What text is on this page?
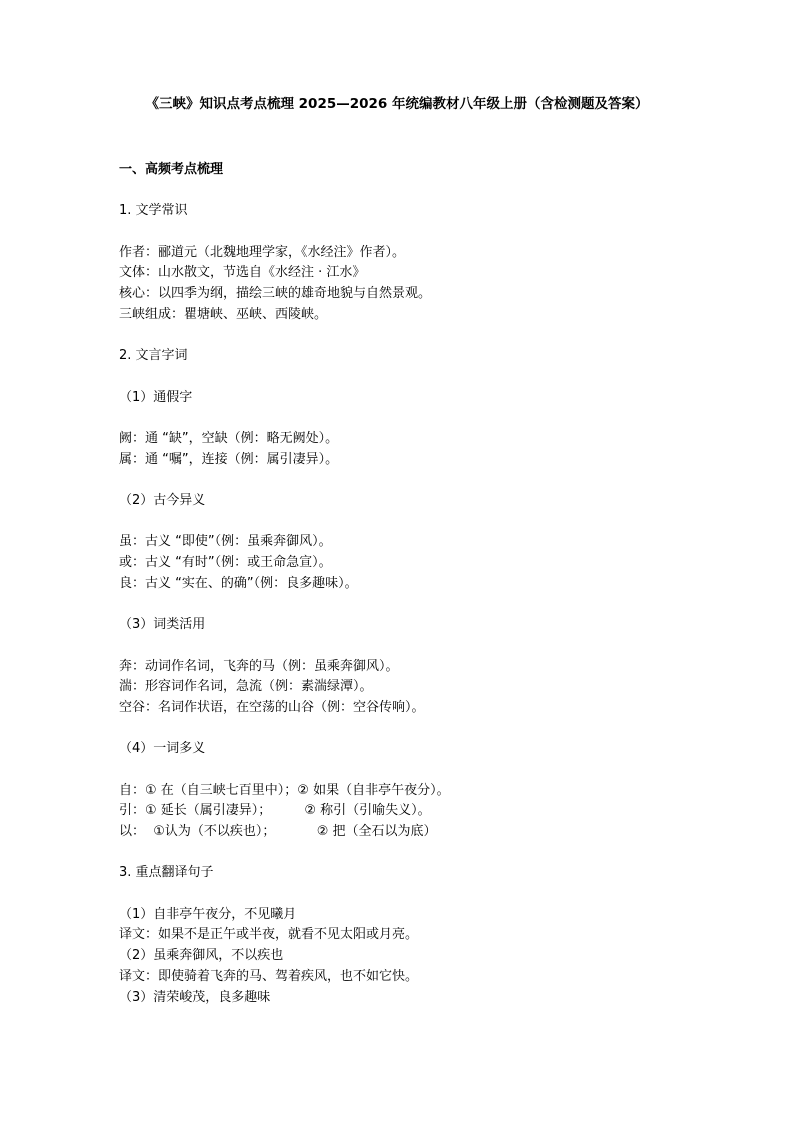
《三峡》知识点考点梳理 2025—2026 年统编教材八年级上册（含检测题及答案）
一、高频考点梳理
1. 文学常识
作者：郦道元（北魏地理学家，《水经注》作者）。
文体：山水散文，节选自《水经注 · 江水》
核心：以四季为纲，描绘三峡的雄奇地貌与自然景观。
三峡组成：瞿塘峡、巫峡、西陵峡。
2. 文言字词
（1）通假字
阙：通 “缺”，空缺（例：略无阙处）。
属：通 “嘱”，连接（例：属引凄异）。
（2）古今异义
虽：古义 “即使”（例：虽乘奔御风）。
或：古义 “有时”（例：或王命急宣）。
良：古义 “实在、的确”（例：良多趣味）。
（3）词类活用
奔：动词作名词，飞奔的马（例：虽乘奔御风）。
湍：形容词作名词，急流（例：素湍绿潭）。
空谷：名词作状语，在空荡的山谷（例：空谷传响）。
（4）一词多义
自：① 在（自三峡七百里中）；② 如果（自非亭午夜分）。
引：① 延长（属引凄异）；        ② 称引（引喻失义）。
以：  ①认为（不以疾也）；          ② 把（全石以为底）
3. 重点翻译句子
（1）自非亭午夜分，不见曦月
译文：如果不是正午或半夜，就看不见太阳或月亮。
（2）虽乘奔御风，不以疾也
译文：即使骑着飞奔的马、驾着疾风，也不如它快。
（3）清荣峻茂，良多趣味
